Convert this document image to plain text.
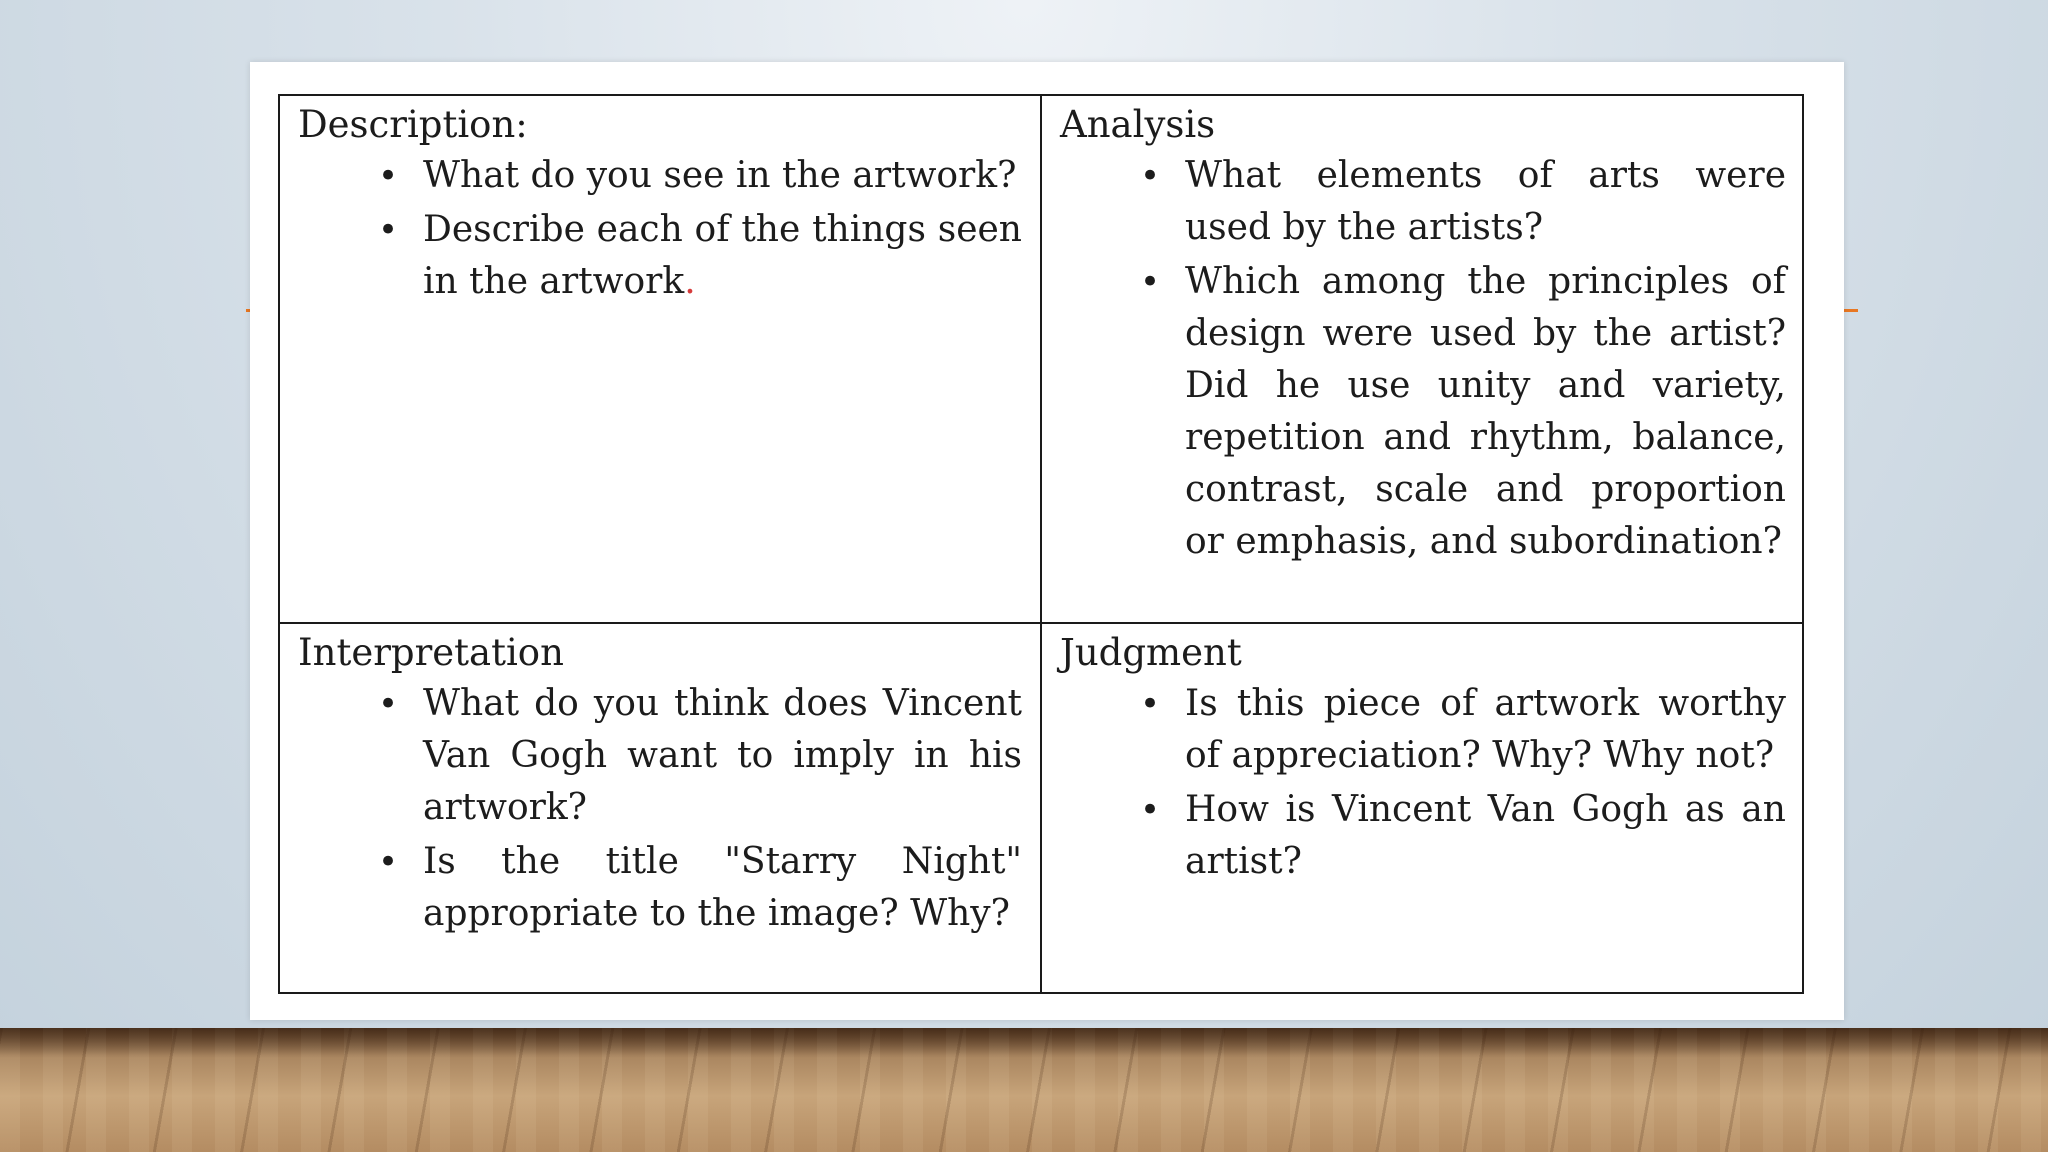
Description:
• What do you see in the artwork?
• Describe each of the things seen in the artwork.
Analysis
• What elements of arts were used by the artists?
• Which among the principles of design were used by the artist? Did he use unity and variety, repetition and rhythm, balance, contrast, scale and proportion or emphasis, and subordination?
Interpretation
• What do you think does Vincent Van Gogh want to imply in his artwork?
• Is the title "Starry Night" appropriate to the image? Why?
Judgment
• Is this piece of artwork worthy of appreciation? Why? Why not?
• How is Vincent Van Gogh as an artist?
